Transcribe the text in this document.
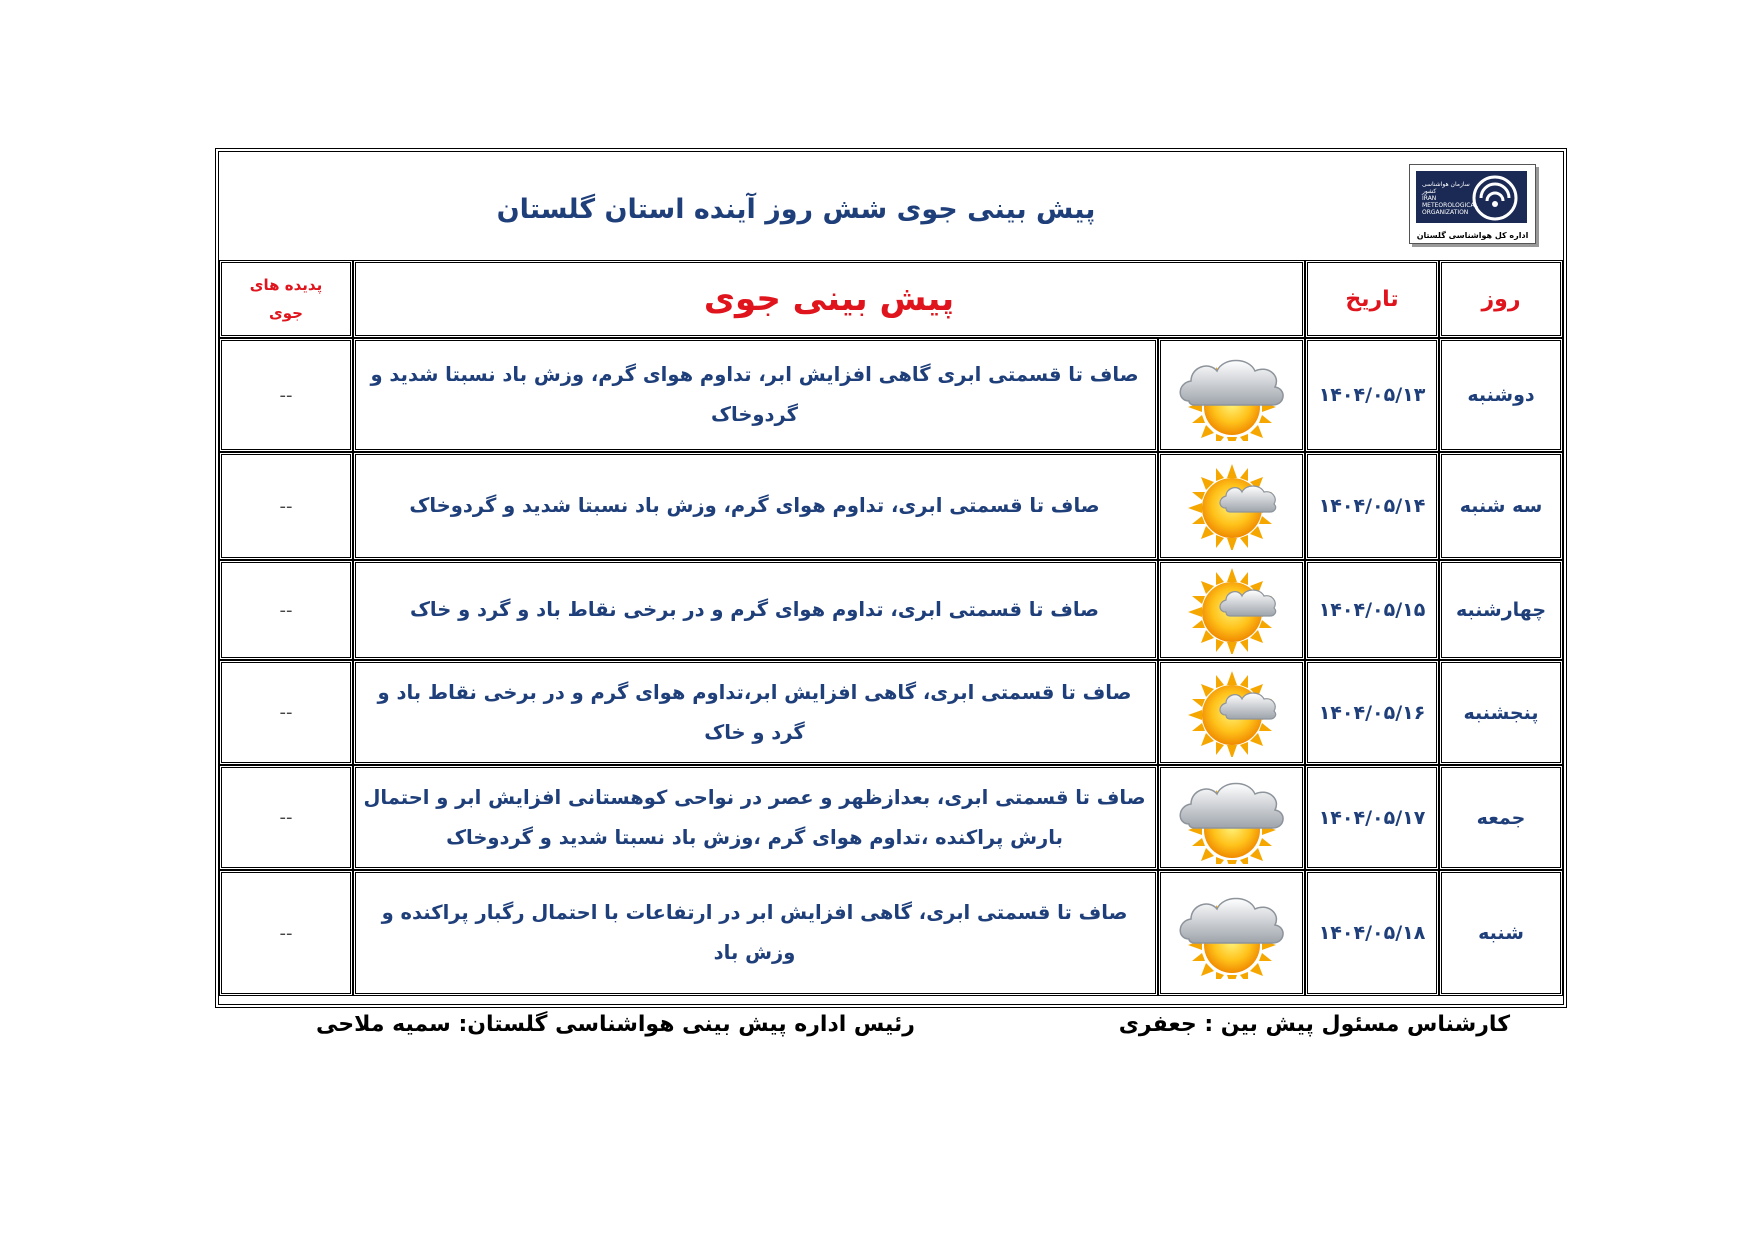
پیش بینی جوی شش روز آینده استان گلستان
سازمان هواشناسی کشور
IRAN
METEOROLOGICAL
ORGANIZATION
اداره کل هواشناسی گلستان
روز	تاریخ	پیش بینی جوی		پدیده های
جوی

دوشنبه	۱۴۰۴/۰۵/۱۳		صاف تا قسمتی ابری گاهی افزایش ابر، تداوم هوای گرم، وزش باد نسبتا شدید و گردوخاک	--
سه شنبه	۱۴۰۴/۰۵/۱۴		صاف تا قسمتی ابری، تداوم هوای گرم، وزش باد نسبتا شدید و گردوخاک	--
چهارشنبه	۱۴۰۴/۰۵/۱۵		صاف تا قسمتی ابری، تداوم هوای گرم و در برخی نقاط باد و گرد و خاک	--
پنجشنبه	۱۴۰۴/۰۵/۱۶		صاف تا قسمتی ابری، گاهی افزایش ابر،تداوم هوای گرم و در برخی نقاط باد و گرد و خاک	--
جمعه	۱۴۰۴/۰۵/۱۷		صاف تا قسمتی ابری، بعدازظهر و عصر در نواحی کوهستانی افزایش ابر و احتمال بارش پراکنده ،تداوم هوای گرم ،وزش باد نسبتا شدید و گردوخاک	--
شنبه	۱۴۰۴/۰۵/۱۸		صاف تا قسمتی ابری، گاهی افزایش ابر در ارتفاعات با احتمال رگبار پراکنده و وزش باد	--
کارشناس مسئول پیش بین : جعفری
رئیس اداره پیش بینی هواشناسی گلستان: سمیه ملاحی
